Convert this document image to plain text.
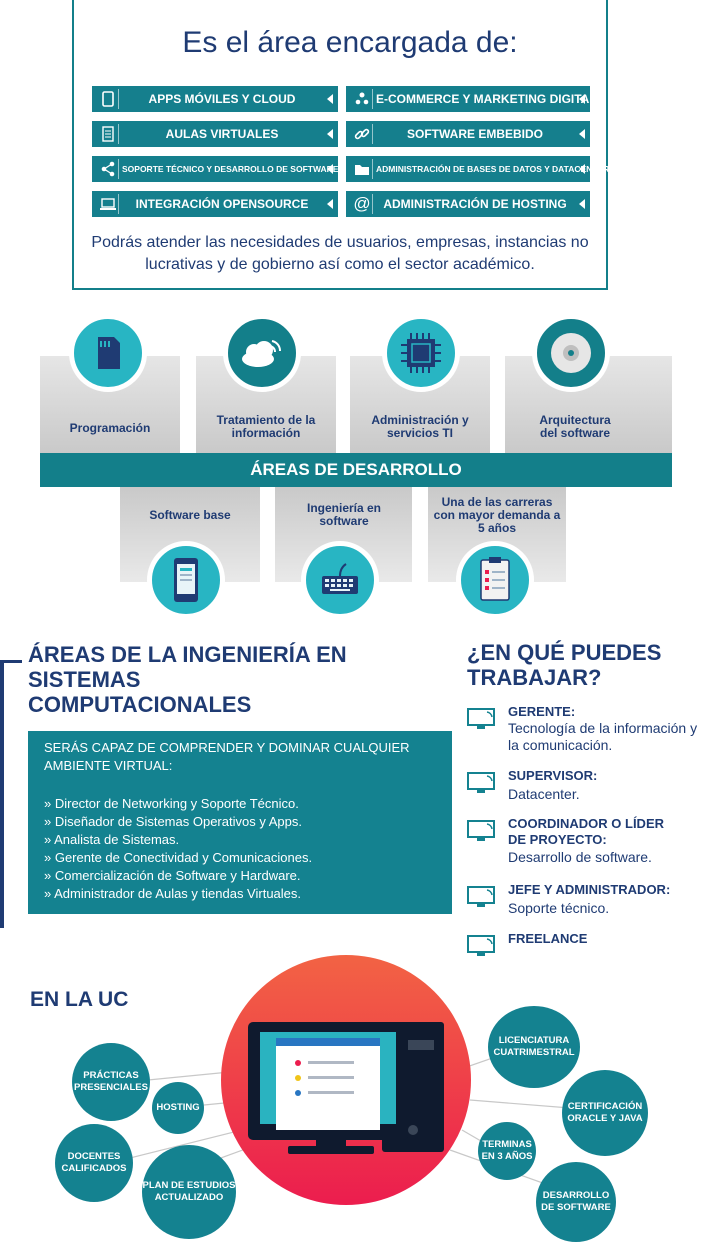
Es el área encargada de:
APPS MÓVILES Y CLOUD	E-COMMERCE Y MARKETING DIGITAL
AULAS VIRTUALES	SOFTWARE EMBEBIDO
SOPORTE TÉCNICO Y DESARROLLO DE SOFTWARE	ADMINISTRACIÓN DE BASES DE DATOS Y DATACENTER
INTEGRACIÓN OPENSOURCE	@	ADMINISTRACIÓN DE HOSTING
Podrás atender las necesidades de usuarios, empresas, instancias no lucrativas y de gobierno así como el sector académico.
Programación
Tratamiento de la información
Administración y servicios TI
Arquitectura del software
ÁREAS DE DESARROLLO
Software base	Ingeniería en software
Una de las carreras con mayor demanda a 5 años
ÁREAS DE LA INGENIERÍA EN SISTEMAS COMPUTACIONALES
SERÁS CAPAZ DE COMPRENDER Y DOMINAR CUALQUIER AMBIENTE VIRTUAL:
» Director de Networking y Soporte Técnico.
» Diseñador de Sistemas Operativos y Apps.
» Analista de Sistemas.
» Gerente de Conectividad y Comunicaciones.
» Comercialización de Software y Hardware.
» Administrador de Aulas y tiendas Virtuales.
¿EN QUÉ PUEDES TRABAJAR?
GERENTE:
Tecnología de la información y la comunicación.
SUPERVISOR:
Datacenter.
COORDINADOR O LÍDER DE PROYECTO:
Desarrollo de software.
JEFE Y ADMINISTRADOR:
Soporte técnico.
FREELANCE
EN LA UC
PRÁCTICAS PRESENCIALES
HOSTING
DOCENTES CALIFICADOS
PLAN DE ESTUDIOS ACTUALIZADO
LICENCIATURA CUATRIMESTRAL
CERTIFICACIÓN ORACLE Y JAVA
TERMINAS EN 3 AÑOS
DESARROLLO DE SOFTWARE
